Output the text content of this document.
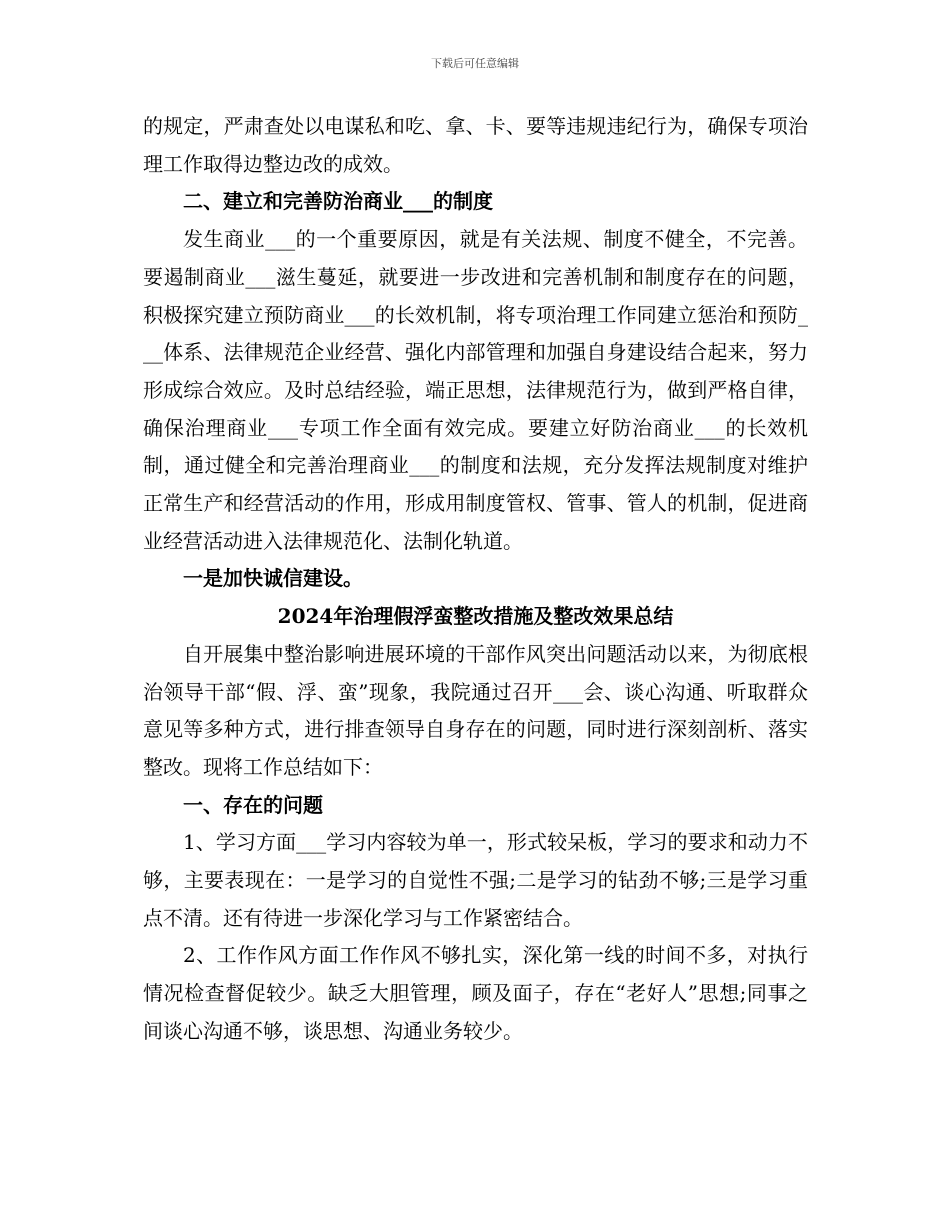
下载后可任意编辑

的规定，严肃查处以电谋私和吃、拿、卡、要等违规违纪行为，确保专项治理工作取得边整边改的成效。

二、建立和完善防治商业___的制度

发生商业___的一个重要原因，就是有关法规、制度不健全，不完善。要遏制商业___滋生蔓延，就要进一步改进和完善机制和制度存在的问题，积极探究建立预防商业___的长效机制，将专项治理工作同建立惩治和预防___体系、法律规范企业经营、强化内部管理和加强自身建设结合起来，努力形成综合效应。及时总结经验，端正思想，法律规范行为，做到严格自律，确保治理商业___专项工作全面有效完成。要建立好防治商业___的长效机制，通过健全和完善治理商业___的制度和法规，充分发挥法规制度对维护正常生产和经营活动的作用，形成用制度管权、管事、管人的机制，促进商业经营活动进入法律规范化、法制化轨道。

一是加快诚信建设。

2024年治理假浮蛮整改措施及整改效果总结

自开展集中整治影响进展环境的干部作风突出问题活动以来，为彻底根治领导干部“假、浮、蛮”现象，我院通过召开___会、谈心沟通、听取群众意见等多种方式，进行排查领导自身存在的问题，同时进行深刻剖析、落实整改。现将工作总结如下：

一、存在的问题

1、学习方面___学习内容较为单一，形式较呆板，学习的要求和动力不够，主要表现在：一是学习的自觉性不强;二是学习的钻劲不够;三是学习重点不清。还有待进一步深化学习与工作紧密结合。

2、工作作风方面工作作风不够扎实，深化第一线的时间不多，对执行情况检查督促较少。缺乏大胆管理，顾及面子，存在“老好人”思想;同事之间谈心沟通不够，谈思想、沟通业务较少。
